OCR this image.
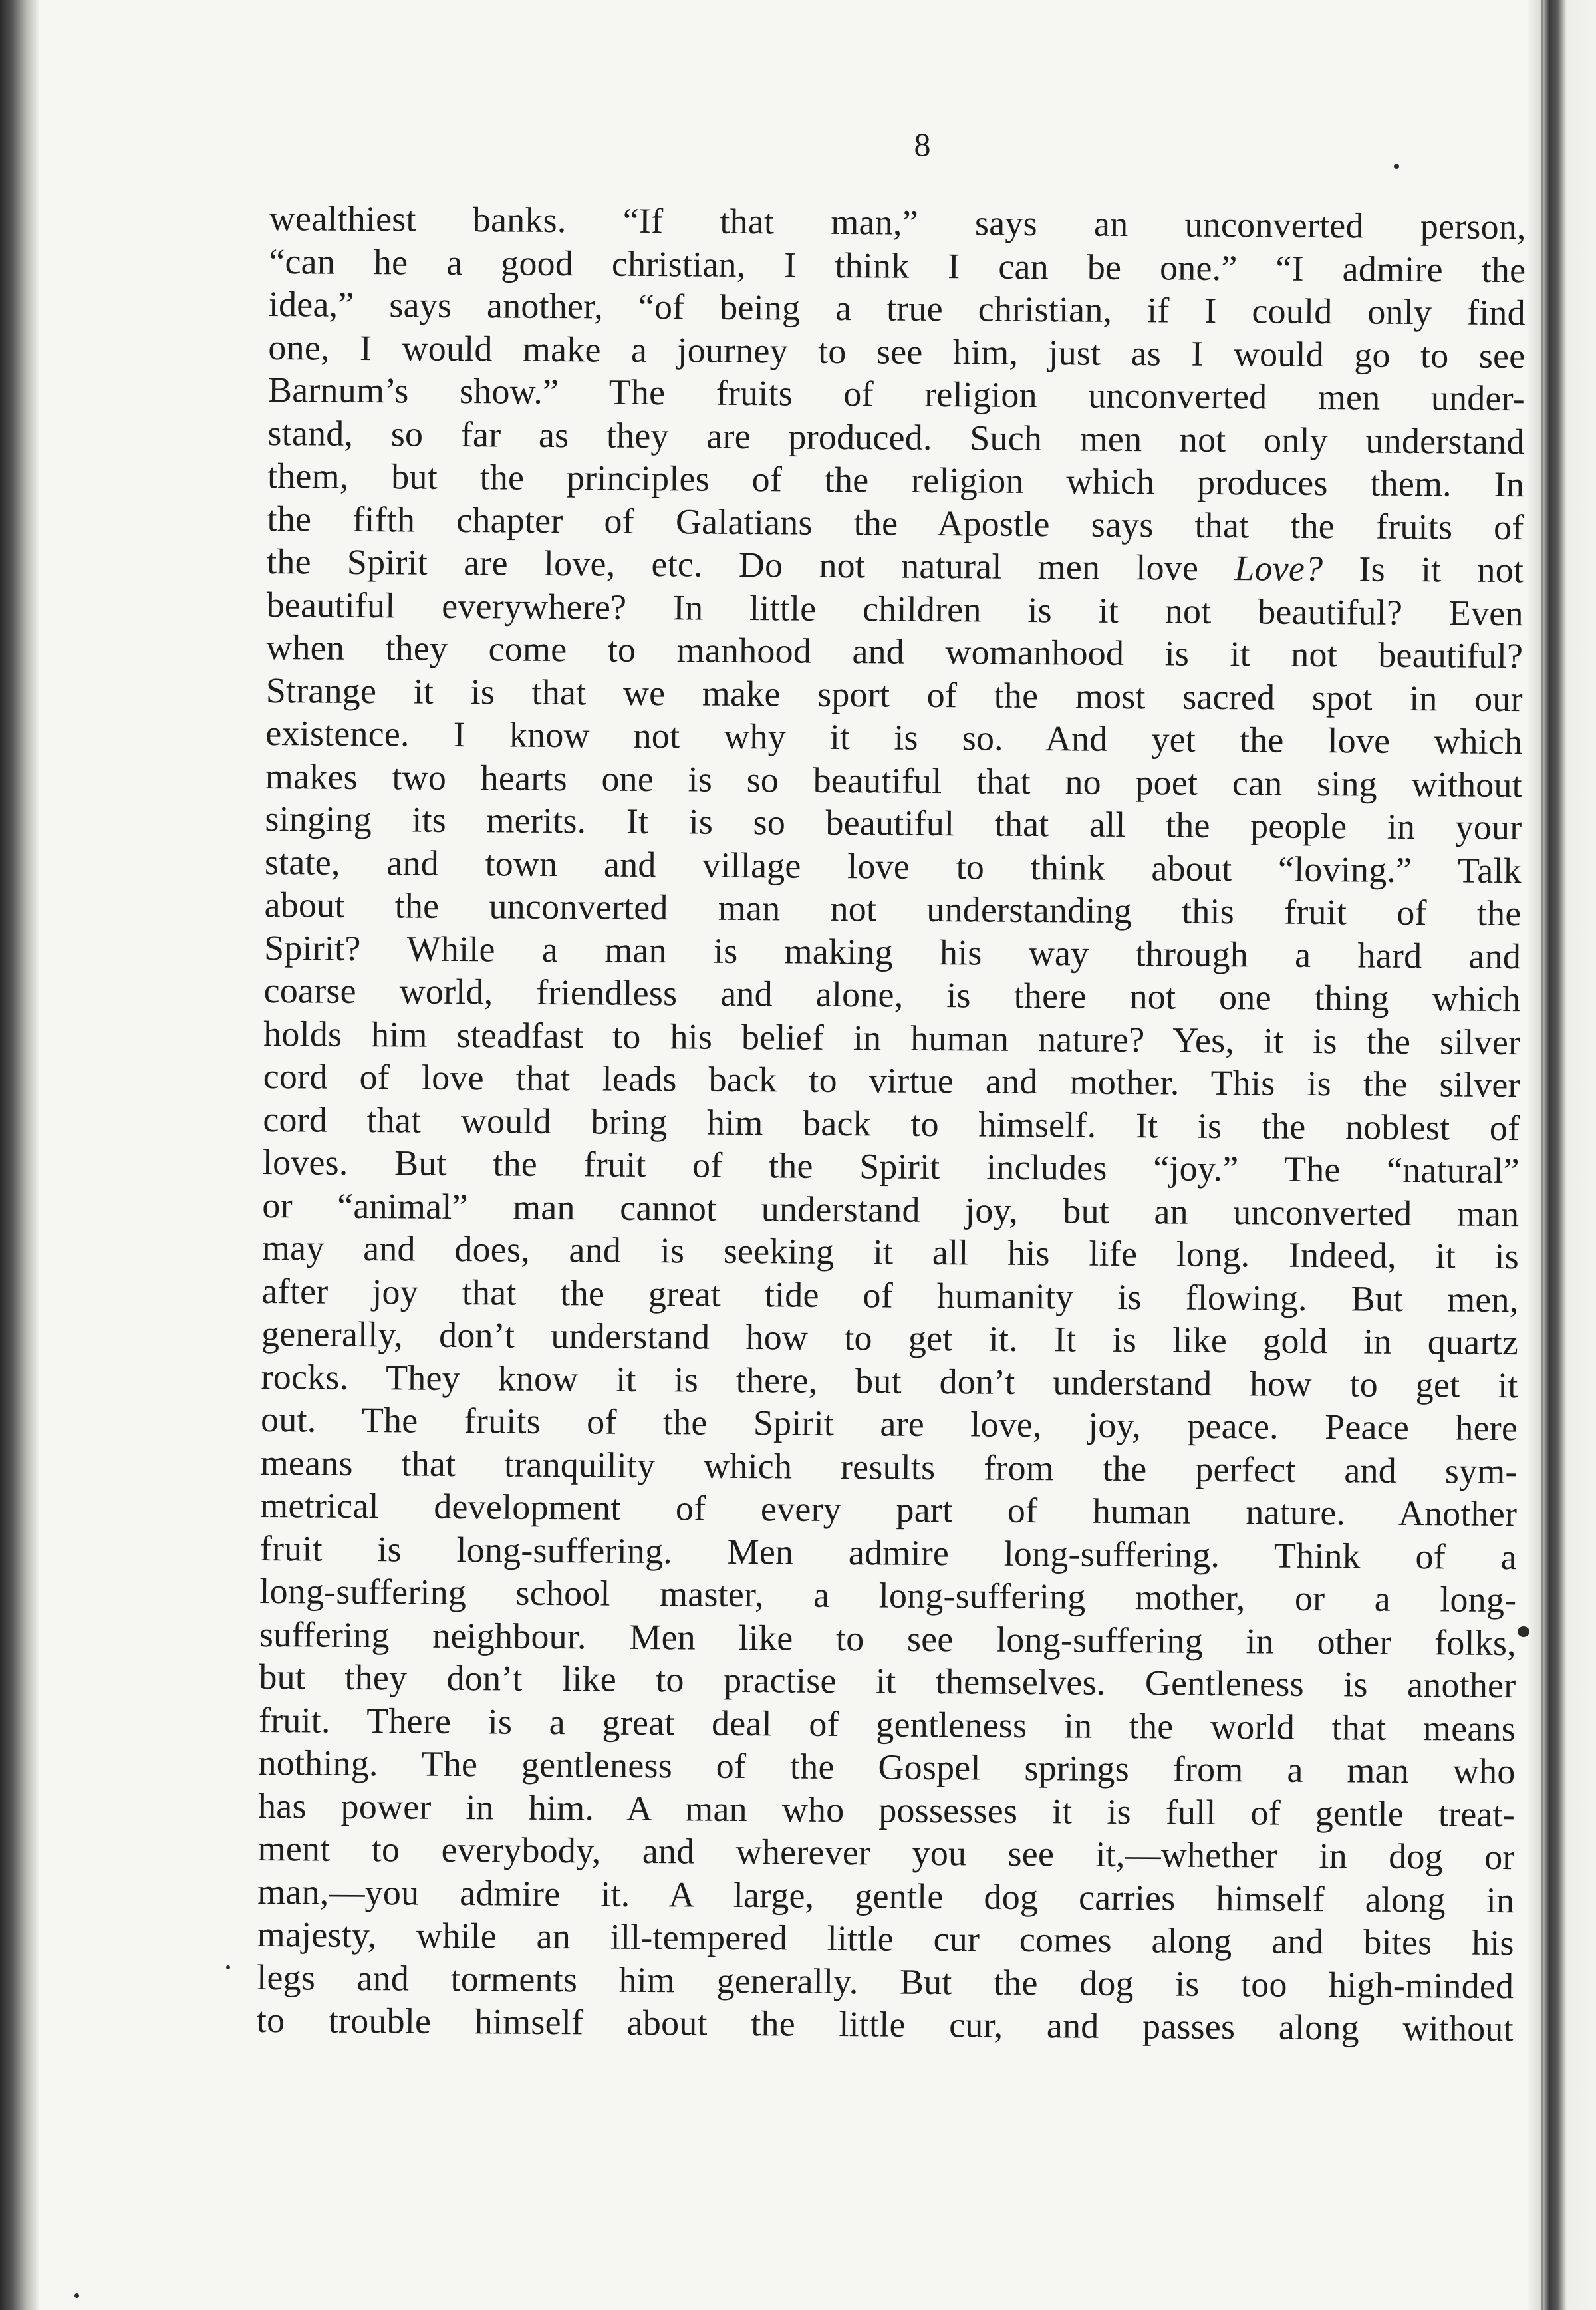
8
wealthiest banks. “If that man,” says an unconverted person,
“can he a good christian, I think I can be one.” “I admire the
idea,” says another, “of being a true christian, if I could only find
one, I would make a journey to see him, just as I would go to see
Barnum’s show.” The fruits of religion unconverted men under-
stand, so far as they are produced. Such men not only understand
them, but the principles of the religion which produces them. In
the fifth chapter of Galatians the Apostle says that the fruits of
the Spirit are love, etc. Do not natural men love Love? Is it not
beautiful everywhere? In little children is it not beautiful? Even
when they come to manhood and womanhood is it not beautiful?
Strange it is that we make sport of the most sacred spot in our
existence. I know not why it is so. And yet the love which
makes two hearts one is so beautiful that no poet can sing without
singing its merits. It is so beautiful that all the people in your
state, and town and village love to think about “loving.” Talk
about the unconverted man not understanding this fruit of the
Spirit? While a man is making his way through a hard and
coarse world, friendless and alone, is there not one thing which
holds him steadfast to his belief in human nature? Yes, it is the silver
cord of love that leads back to virtue and mother. This is the silver
cord that would bring him back to himself. It is the noblest of
loves. But the fruit of the Spirit includes “joy.” The “natural”
or “animal” man cannot understand joy, but an unconverted man
may and does, and is seeking it all his life long. Indeed, it is
after joy that the great tide of humanity is flowing. But men,
generally, don’t understand how to get it. It is like gold in quartz
rocks. They know it is there, but don’t understand how to get it
out. The fruits of the Spirit are love, joy, peace. Peace here
means that tranquility which results from the perfect and sym-
metrical development of every part of human nature. Another
fruit is long-suffering. Men admire long-suffering. Think of a
long-suffering school master, a long-suffering mother, or a long-
suffering neighbour. Men like to see long-suffering in other folks,
but they don’t like to practise it themselves. Gentleness is another
fruit. There is a great deal of gentleness in the world that means
nothing. The gentleness of the Gospel springs from a man who
has power in him. A man who possesses it is full of gentle treat-
ment to everybody, and wherever you see it,—whether in dog or
man,—you admire it. A large, gentle dog carries himself along in
majesty, while an ill-tempered little cur comes along and bites his
legs and torments him generally. But the dog is too high-minded
to trouble himself about the little cur, and passes along without
